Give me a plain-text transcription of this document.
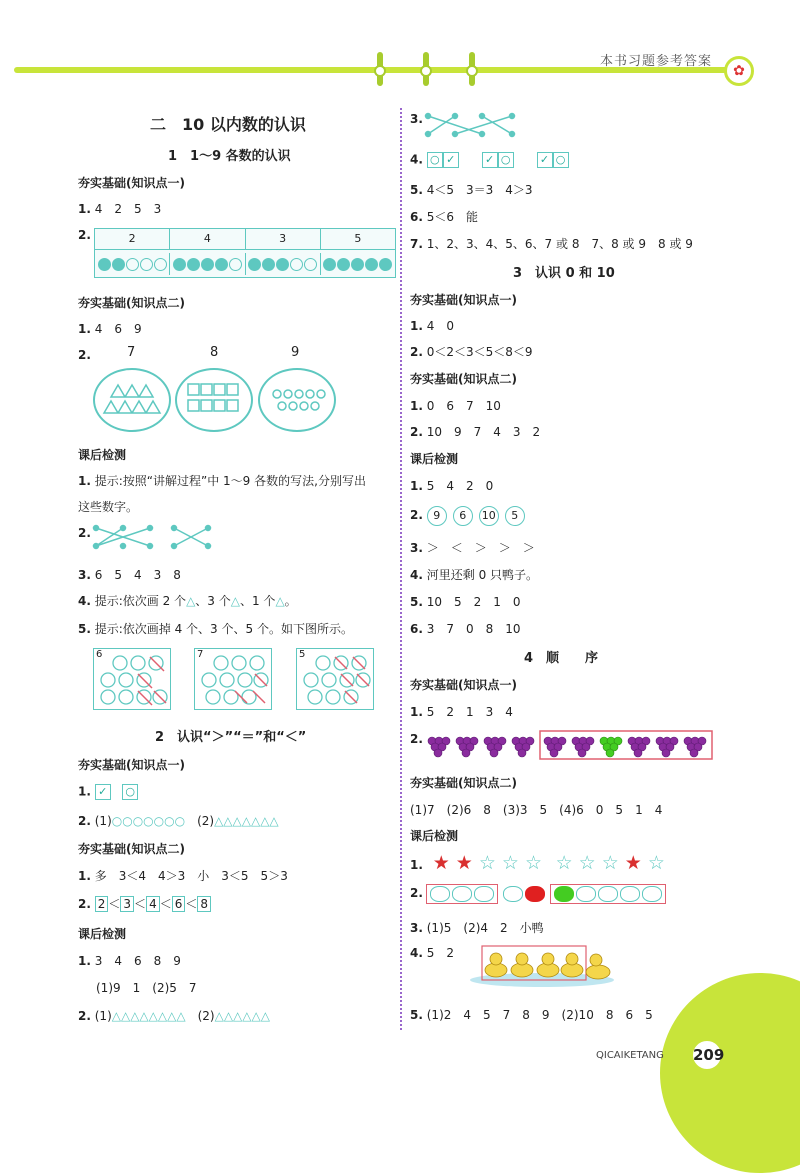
本书习题参考答案
✿
二　10 以内数的认识
1　1～9 各数的认识
夯实基础(知识点一)
1. 4　2　5　3
2.	2	4	3	5
夯实基础(知识点二)
1. 4　6　9
2.	7	8	9
课后检测
1. 提示:按照“讲解过程”中 1～9 各数的写法,分别写出
这些数字。
2.
3. 6　5　4　3　8
4. 提示:依次画 2 个△、3 个△、1 个△。
5. 提示:依次画掉 4 个、3 个、5 个。如下图所示。
6	7	5
2　认识“＞”“＝”和“＜”
夯实基础(知识点一)
1. ✓ ○
2. (1)○○○○○○○　 (2)△△△△△△△
夯实基础(知识点二)
1. 多　3＜4　4＞3　小　3＜5　5＞3
2. 2 ＜ 3 ＜ 4 ＜ 6 ＜ 8
课后检测
1. 3　4　6　8　9
(1)9　1　(2)5　7
2. (1)△△△△△△△△　 (2)△△△△△△
3.
4. ○ ✓	✓ ○	✓ ○
5. 4＜5　3＝3　4＞3
6. 5＜6　能
7. 1、2、3、4、5、6、7 或 8　7、8 或 9　8 或 9
3　认识 0 和 10
夯实基础(知识点一)
1. 4　0
2. 0＜2＜3＜5＜8＜9
夯实基础(知识点二)
1. 0　6　7　10
2. 10　9　7　4　3　2
课后检测
1. 5　4　2　0
2. 9 6 10 5
3. ＞　＜　＞　＞　＞
4. 河里还剩 0 只鸭子。
5. 10　5　2　1　0
6. 3　7　0　8　10
4　顺　　序
夯实基础(知识点一)
1. 5　2　1　3　4
2.
夯实基础(知识点二)
(1)7　(2)6　8　(3)3　5　(4)6　0　5　1　4
课后检测
1. ★ ★ ☆ ☆ ☆ ☆ ☆ ☆ ★ ☆
2.

3. (1)5　(2)4　2　小鸭
4. 5　2
5. (1)2　4　5　7　8　9　(2)10　8　6　5
QICAIKETANG 209
